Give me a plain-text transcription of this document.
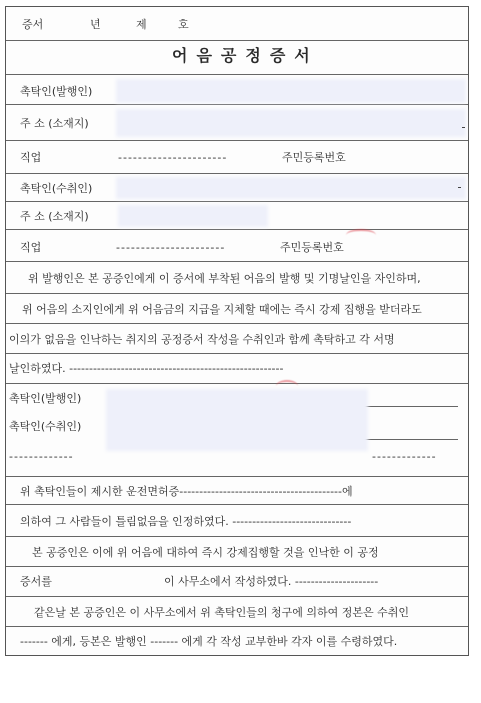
증서	년	제	호
어음공정증서
촉탁인(발행인)
주 소 (소재지)
직업	----------------------	주민등록번호
촉탁인(수취인)
주 소 (소재지)
직업	----------------------	주민등록번호
위 발행인은 본 공증인에게 이 증서에 부착된 어음의 발행 및 기명날인을 자인하며,
위 어음의 소지인에게 위 어음금의 지급을 지체할 때에는 즉시 강제 집행을 받더라도
이의가 없음을 인낙하는 취지의 공정증서 작성을 수취인과 함께 촉탁하고 각 서명
날인하였다. ------------------------------------------------------
촉탁인(발행인)
촉탁인(수취인)
-------------	-------------
위 촉탁인들이 제시한 운전면허증-----------------------------------------에
의하여 그 사람들이 틀림없음을 인정하였다. ------------------------------
본 공증인은 이에 위 어음에 대하여 즉시 강제집행할 것을 인낙한 이 공정
증서를	이 사무소에서 작성하였다. ---------------------
같은날 본 공증인은 이 사무소에서 위 촉탁인들의 청구에 의하여 정본은 수취인
------- 에게, 등본은 발행인 ------- 에게 각 작성 교부한바 각자 이를 수령하였다.
